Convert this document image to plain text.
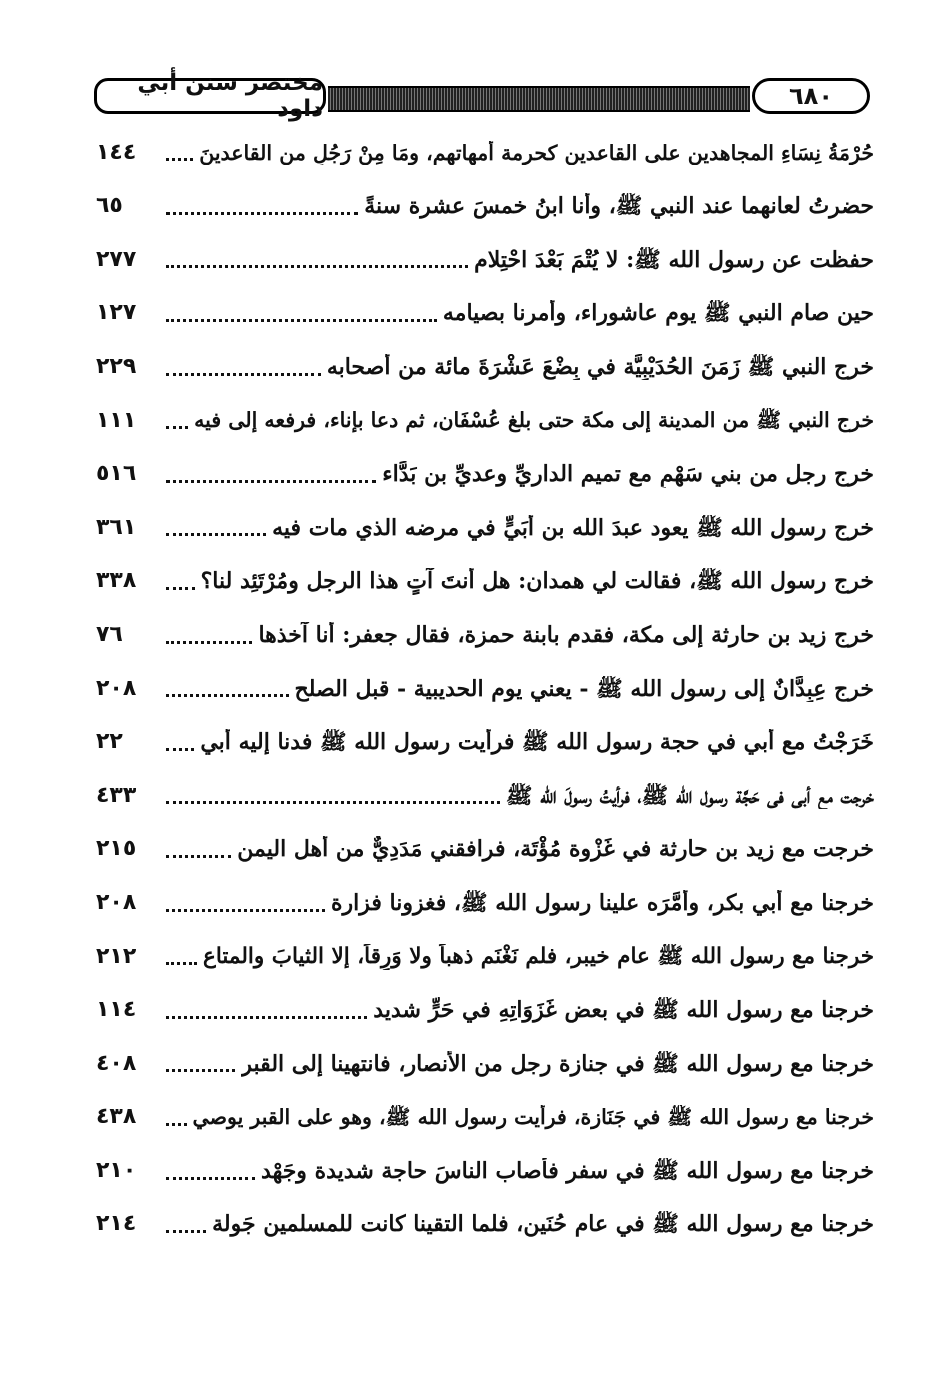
مختصر سنن أبي داود	٦٨٠
حُرْمَةُ نِسَاءِ المجاهدين على القاعدين كحرمة أمهاتهم، ومَا مِنْ رَجُلٍ من القاعدينَ
١٤٤
حضرتُ لعانهما عند النبي ﷺ، وأنا ابنُ خمسَ عشرة سنةً
٦٥
حفظت عن رسول الله ﷺ: لا يُتْمَ بَعْدَ احْتِلامٍ
٢٧٧
حين صام النبي ﷺ يوم عاشوراء، وأمرنا بصيامه
١٢٧
خرج النبي ﷺ زَمَنَ الحُدَيْبِيَّة في بِضْعَ عَشْرَةَ مائة من أصحابه
٢٢٩
خرج النبي ﷺ من المدينة إلى مكة حتى بلغ عُسْفَان، ثم دعا بإناء، فرفعه إلى فيه
١١١
خرج رجل من بني سَهْمٍ مع تميم الداريِّ وعديِّ بن بَدَّاء
٥١٦
خرج رسول الله ﷺ يعود عبدَ الله بن أُبَيٍّ في مرضه الذي مات فيه
٣٦١
خرج رسول الله ﷺ، فقالت لي همدان: هل أنتَ آتٍ هذا الرجل ومُرْتَئِد لنا؟
٣٣٨
خرج زيد بن حارثة إلى مكة، فقدم بابنة حمزة، فقال جعفر: أنا آخذها
٧٦
خرج عِبِدَّانٌ إلى رسول الله ﷺ - يعني يوم الحديبية - قبل الصلح
٢٠٨
خَرَجْتُ مع أبي في حجة رسول الله ﷺ فرأيت رسول الله ﷺ فدنا إليه أبي
٢٢
خرجت مع أبي في حَجَّة رسول الله ﷺ، فرأيتُ رسولَ الله ﷺ
٤٣٣
خرجت مع زيد بن حارثة في غَزْوة مُؤْتَة، فرافقني مَدَدِيٌّ من أهل اليمن
٢١٥
خرجنا مع أبي بكر، وأَمَّرَه علينا رسول الله ﷺ، فغزونا فزارة
٢٠٨
خرجنا مع رسول الله ﷺ عام خيبر، فلم نَغْنَم ذهباً ولا وَرِقاً، إلا الثيابَ والمتاع
٢١٢
خرجنا مع رسول الله ﷺ في بعض غَزَوَاتِهِ في حَرٍّ شديد
١١٤
خرجنا مع رسول الله ﷺ في جنازة رجل من الأنصار، فانتهينا إلى القبر
٤٠٨
خرجنا مع رسول الله ﷺ في جَنَازة، فرأيت رسول الله ﷺ، وهو على القبر يوصي
٤٣٨
خرجنا مع رسول الله ﷺ في سفر فأصاب الناسَ حاجة شديدة وجَهْد
٢١٠
خرجنا مع رسول الله ﷺ في عام حُنَين، فلما التقينا كانت للمسلمين جَولة
٢١٤
